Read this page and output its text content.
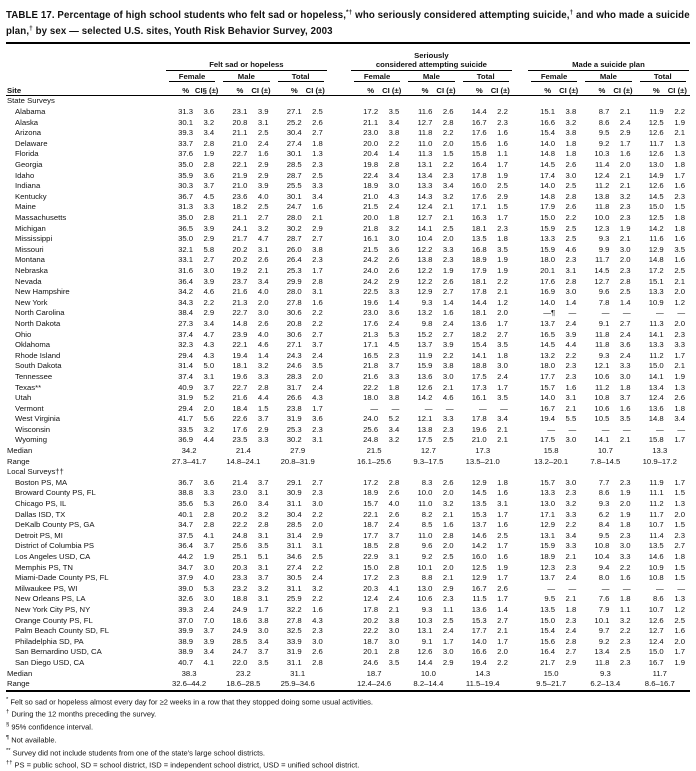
TABLE 17. Percentage of high school students who felt sad or hopeless,*† who seriously considered attempting suicide,† and who made a suicide plan,† by sex — selected U.S. sites, Youth Risk Behavior Survey, 2003

	Felt sad or hopeless							Seriously
considered attempting suicide							Made a suicide plan					

	Female		Male		Total			Female		Male		Total			Female		Male		Total	

Site	%	CI§ (±)	%	CI (±)	%	CI (±)		%	CI (±)	%	CI (±)	%	CI (±)		%	CI (±)	%	CI (±)	%	CI (±)
State Surveys																				
Alabama	31.3	3.6	23.1	3.9	27.1	2.5		17.2	3.5	11.6	2.6	14.4	2.2		15.1	3.8	8.7	2.1	11.9	2.2
Alaska	30.1	3.2	20.8	3.1	25.2	2.6		21.1	3.4	12.7	2.8	16.7	2.3		16.6	3.2	8.6	2.4	12.5	1.9
Arizona	39.3	3.4	21.1	2.5	30.4	2.7		23.0	3.8	11.8	2.2	17.6	1.6		15.4	3.8	9.5	2.9	12.6	2.1
Delaware	33.7	2.8	21.0	2.4	27.4	1.8		20.0	2.2	11.0	2.0	15.6	1.6		14.0	1.8	9.2	1.7	11.7	1.3
Florida	37.6	1.9	22.7	1.6	30.1	1.3		20.4	1.4	11.3	1.5	15.8	1.1		14.8	1.8	10.3	1.6	12.6	1.3
Georgia	35.0	2.8	22.1	2.9	28.5	2.3		19.8	2.8	13.1	2.2	16.4	1.7		14.5	2.6	11.4	2.0	13.0	1.8
Idaho	35.9	3.6	21.9	2.9	28.7	2.5		22.4	3.4	13.4	2.3	17.8	1.9		17.4	3.0	12.4	2.1	14.9	1.7
Indiana	30.3	3.7	21.0	3.9	25.5	3.3		18.9	3.0	13.3	3.4	16.0	2.5		14.0	2.5	11.2	2.1	12.6	1.6
Kentucky	36.7	4.5	23.6	4.0	30.1	3.4		21.0	4.3	14.3	3.2	17.6	2.9		14.8	2.8	13.8	3.2	14.5	2.3
Maine	31.3	3.3	18.2	2.5	24.7	1.6		21.5	2.4	12.4	2.1	17.1	1.5		17.9	2.6	11.8	2.3	15.0	1.5
Massachusetts	35.0	2.8	21.1	2.7	28.0	2.1		20.0	1.8	12.7	2.1	16.3	1.7		15.0	2.2	10.0	2.3	12.5	1.8
Michigan	36.5	3.9	24.1	3.2	30.2	2.9		21.8	3.2	14.1	2.5	18.1	2.3		15.9	2.5	12.3	1.9	14.2	1.8
Mississippi	35.0	2.9	21.7	4.7	28.7	2.7		16.1	3.0	10.4	2.0	13.5	1.8		13.3	2.5	9.3	2.1	11.6	1.6
Missouri	32.1	5.8	20.2	3.1	26.0	3.8		21.5	3.6	12.2	3.3	16.8	3.5		15.9	4.6	9.9	3.0	12.9	3.5
Montana	33.1	2.7	20.2	2.6	26.4	2.3		24.2	2.6	13.8	2.3	18.9	1.9		18.0	2.3	11.7	2.0	14.8	1.6
Nebraska	31.6	3.0	19.2	2.1	25.3	1.7		24.0	2.6	12.2	1.9	17.9	1.9		20.1	3.1	14.5	2.3	17.2	2.5
Nevada	36.4	3.9	23.7	3.4	29.9	2.8		24.2	2.9	12.2	2.6	18.1	2.2		17.6	2.8	12.7	2.8	15.1	2.1
New Hampshire	34.2	4.6	21.6	4.0	28.0	3.1		22.5	3.3	12.9	2.7	17.8	2.1		16.9	3.0	9.6	2.5	13.3	2.0
New York	34.3	2.2	21.3	2.0	27.8	1.6		19.6	1.4	9.3	1.4	14.4	1.2		14.0	1.4	7.8	1.4	10.9	1.2
North Carolina	38.4	2.9	22.7	3.0	30.6	2.2		23.0	3.6	13.2	1.6	18.1	2.0		—¶	—	—	—	—	—
North Dakota	27.3	3.4	14.8	2.6	20.8	2.2		17.6	2.4	9.8	2.4	13.6	1.7		13.7	2.4	9.1	2.7	11.3	2.0
Ohio	37.4	4.7	23.9	4.0	30.6	2.7		21.3	5.3	15.2	2.7	18.2	2.7		16.5	3.9	11.8	2.4	14.1	2.3
Oklahoma	32.3	4.3	22.1	4.6	27.1	3.7		17.1	4.5	13.7	3.9	15.4	3.5		14.5	4.4	11.8	3.6	13.3	3.3
Rhode Island	29.4	4.3	19.4	1.4	24.3	2.4		16.5	2.3	11.9	2.2	14.1	1.8		13.2	2.2	9.3	2.4	11.2	1.7
South Dakota	31.4	5.0	18.1	3.2	24.6	3.5		21.8	3.7	15.9	3.8	18.8	3.0		18.0	2.3	12.1	3.3	15.0	2.1
Tennessee	37.4	3.1	19.6	3.3	28.3	2.0		21.6	3.3	13.6	3.0	17.5	2.4		17.7	2.3	10.6	3.0	14.1	1.9
Texas**	40.9	3.7	22.7	2.8	31.7	2.4		22.2	1.8	12.6	2.1	17.3	1.7		15.7	1.6	11.2	1.8	13.4	1.3
Utah	31.9	5.2	21.6	4.4	26.6	4.3		18.0	3.8	14.2	4.6	16.1	3.5		14.0	3.1	10.8	3.7	12.4	2.6
Vermont	29.4	2.0	18.4	1.5	23.8	1.7		—	—	—	—	—	—		16.7	2.1	10.6	1.6	13.6	1.8
West Virginia	41.7	5.6	22.6	3.7	31.9	3.6		24.0	5.2	12.1	3.3	17.8	3.4		19.4	5.5	10.5	3.5	14.8	3.4
Wisconsin	33.5	3.2	17.6	2.9	25.3	2.3		25.6	3.4	13.8	2.3	19.6	2.1		—	—	—	—	—	—
Wyoming	36.9	4.4	23.5	3.3	30.2	3.1		24.8	3.2	17.5	2.5	21.0	2.1		17.5	3.0	14.1	2.1	15.8	1.7
Median	34.2		21.4		27.9			21.5		12.7		17.3			15.8		10.7		13.3	
Range	27.3–41.7		14.8–24.1		20.8–31.9			16.1–25.6		9.3–17.5		13.5–21.0			13.2–20.1		7.8–14.5		10.9–17.2	
Local Surveys††																				
Boston PS, MA	36.7	3.6	21.4	3.7	29.1	2.7		17.2	2.8	8.3	2.6	12.9	1.8		15.7	3.0	7.7	2.3	11.9	1.7
Broward County PS, FL	38.8	3.3	23.0	3.1	30.9	2.3		18.9	2.6	10.0	2.0	14.5	1.6		13.3	2.3	8.6	1.9	11.1	1.5
Chicago PS, IL	35.6	5.3	26.0	3.4	31.1	3.0		15.7	4.0	11.0	3.2	13.5	3.1		13.0	3.2	9.3	2.0	11.2	1.3
Dallas ISD, TX	40.1	2.8	20.2	3.2	30.4	2.2		22.1	2.6	8.2	2.1	15.3	1.7		17.1	3.3	6.2	1.9	11.7	2.0
DeKalb County PS, GA	34.7	2.8	22.2	2.8	28.5	2.0		18.7	2.4	8.5	1.6	13.7	1.6		12.9	2.2	8.4	1.8	10.7	1.5
Detroit PS, MI	37.5	4.1	24.8	3.1	31.4	2.9		17.7	3.7	11.0	2.8	14.6	2.5		13.1	3.4	9.5	2.3	11.4	2.3
District of Columbia PS	36.4	3.7	25.6	3.5	31.1	3.1		18.5	2.8	9.6	2.0	14.2	1.7		15.9	3.3	10.8	3.0	13.5	2.7
Los Angeles USD, CA	44.2	1.9	25.1	5.1	34.6	2.5		22.9	3.1	9.2	2.5	16.0	1.6		18.9	2.1	10.4	3.3	14.6	1.8
Memphis PS, TN	34.7	3.0	20.3	3.1	27.4	2.2		15.0	2.8	10.1	2.0	12.5	1.9		12.3	2.3	9.4	2.2	10.9	1.5
Miami-Dade County PS, FL	37.9	4.0	23.3	3.7	30.5	2.4		17.2	2.3	8.8	2.1	12.9	1.7		13.7	2.4	8.0	1.6	10.8	1.5
Milwaukee PS, WI	39.0	5.3	23.2	3.2	31.1	3.2		20.3	4.1	13.0	2.9	16.7	2.6		—	—	—	—	—	—
New Orleans PS, LA	32.6	3.0	18.8	3.1	25.9	2.2		12.4	2.4	10.6	2.3	11.5	1.7		9.5	2.1	7.6	1.8	8.6	1.3
New York City PS, NY	39.3	2.4	24.9	1.7	32.2	1.6		17.8	2.1	9.3	1.1	13.6	1.4		13.5	1.8	7.9	1.1	10.7	1.2
Orange County PS, FL	37.0	7.0	18.6	3.8	27.8	4.3		20.2	3.8	10.3	2.5	15.3	2.7		15.0	2.3	10.1	3.2	12.6	2.5
Palm Beach County SD, FL	39.9	3.7	24.9	3.0	32.5	2.3		22.2	3.0	13.1	2.4	17.7	2.1		15.4	2.4	9.7	2.2	12.7	1.6
Philadelphia SD, PA	38.9	3.9	28.5	3.4	33.9	3.0		18.7	3.0	9.1	1.7	14.0	1.7		15.6	2.8	9.2	2.3	12.4	2.0
San Bernardino USD, CA	38.9	3.4	24.7	3.7	31.9	2.6		20.1	2.8	12.6	3.0	16.6	2.0		16.4	2.7	13.4	2.5	15.0	1.7
San Diego USD, CA	40.7	4.1	22.0	3.5	31.1	2.8		24.6	3.5	14.4	2.9	19.4	2.2		21.7	2.9	11.8	2.3	16.7	1.9
Median	38.3		23.2		31.1			18.7		10.0		14.3			15.0		9.3		11.7	
Range	32.6–44.2		18.6–28.5		25.9–34.6			12.4–24.6		8.2–14.4		11.5–19.4			9.5–21.7		6.2–13.4		8.6–16.7	
* Felt so sad or hopeless almost every day for ≥2 weeks in a row that they stopped doing some usual activities.
† During the 12 months preceding the survey.
§ 95% confidence interval.
¶ Not available.
** Survey did not include students from one of the state's large school districts.
†† PS = public school, SD = school district, ISD = independent school district, USD = unified school district.
